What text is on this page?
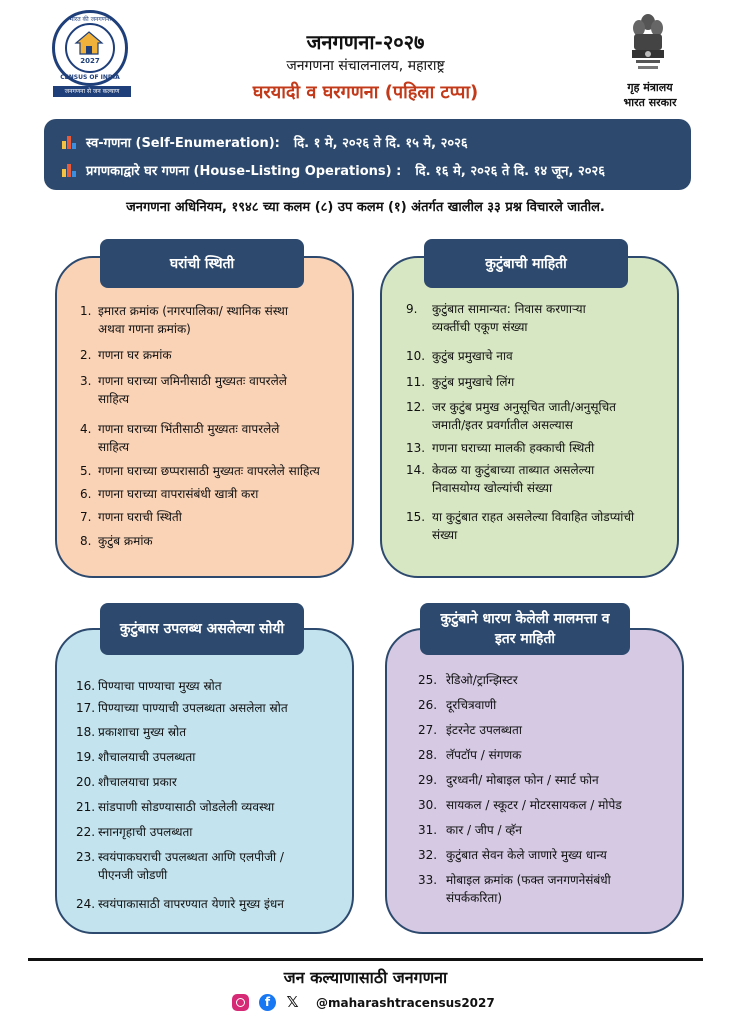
भारत की जनगणना
2027
CENSUS OF INDIA
जनगणना से जन कल्याण
जनगणना-२०२७
जनगणना संचालनालय, महाराष्ट्र
घरयादी व घरगणना (पहिला टप्पा)	गृह मंत्रालय
भारत सरकार
स्व-गणना (Self-Enumeration): दि. १ मे, २०२६ ते दि. १५ मे, २०२६
प्रगणकाद्वारे घर गणना (House-Listing Operations) : दि. १६ मे, २०२६ ते दि. १४ जून, २०२६
जनगणना अधिनियम, १९४८ च्या कलम (८) उप कलम (१) अंतर्गत खालील ३३ प्रश्न विचारले जातील.
घरांची स्थिती	कुटुंबाची माहिती
कुटुंबास उपलब्ध असलेल्या सोयी
कुटुंबाने धारण केलेली मालमत्ता व इतर माहिती
1. इमारत क्रमांक (नगरपालिका/ स्थानिक संस्था
अथवा गणना क्रमांक)
2. गणना घर क्रमांक
3. गणना घराच्या जमिनीसाठी मुख्यतः वापरलेले
साहित्य
4. गणना घराच्या भिंतीसाठी मुख्यतः वापरलेले
साहित्य
5. गणना घराच्या छप्परासाठी मुख्यतः वापरलेले साहित्य
6. गणना घराच्या वापरासंबंधी खात्री करा
7. गणना घराची स्थिती
8. कुटुंब क्रमांक
9.	कुटुंबात सामान्यत: निवास करणाऱ्या
व्यक्तींची एकूण संख्या
10. कुटुंब प्रमुखाचे नाव
11. कुटुंब प्रमुखाचे लिंग
12. जर कुटुंब प्रमुख अनुसूचित जाती/अनुसूचित
जमाती/इतर प्रवर्गातील असल्यास
13. गणना घराच्या मालकी हक्काची स्थिती
14. केवळ या कुटुंबाच्या ताब्यात असलेल्या
निवासयोग्य खोल्यांची संख्या
15. या कुटुंबात राहत असलेल्या विवाहित जोडप्यांची
संख्या
16. पिण्याचा पाण्याचा मुख्य स्रोत
17. पिण्याच्या पाण्याची उपलब्धता असलेला स्रोत
18. प्रकाशाचा मुख्य स्रोत
19. शौचालयाची उपलब्धता
20. शौचालयाचा प्रकार
21. सांडपाणी सोडण्यासाठी जोडलेली व्यवस्था
22. स्नानगृहाची उपलब्धता
23. स्वयंपाकघराची उपलब्धता आणि एलपीजी /
पीएनजी जोडणी
24. स्वयंपाकासाठी वापरण्यात येणारे मुख्य इंधन
25. रेडिओ/ट्रान्झिस्टर
26. दूरचित्रवाणी
27. इंटरनेट उपलब्धता
28. लॅपटॉप / संगणक
29. दुरध्वनी/ मोबाइल फोन / स्मार्ट फोन
30. सायकल / स्कूटर / मोटरसायकल / मोपेड
31. कार / जीप / व्हॅन
32. कुटुंबात सेवन केले जाणारे मुख्य धान्य
33. मोबाइल क्रमांक (फक्त जनगणनेसंबंधी
संपर्ककरिता)
जन कल्याणासाठी जनगणना
f	𝕏 @maharashtracensus2027
